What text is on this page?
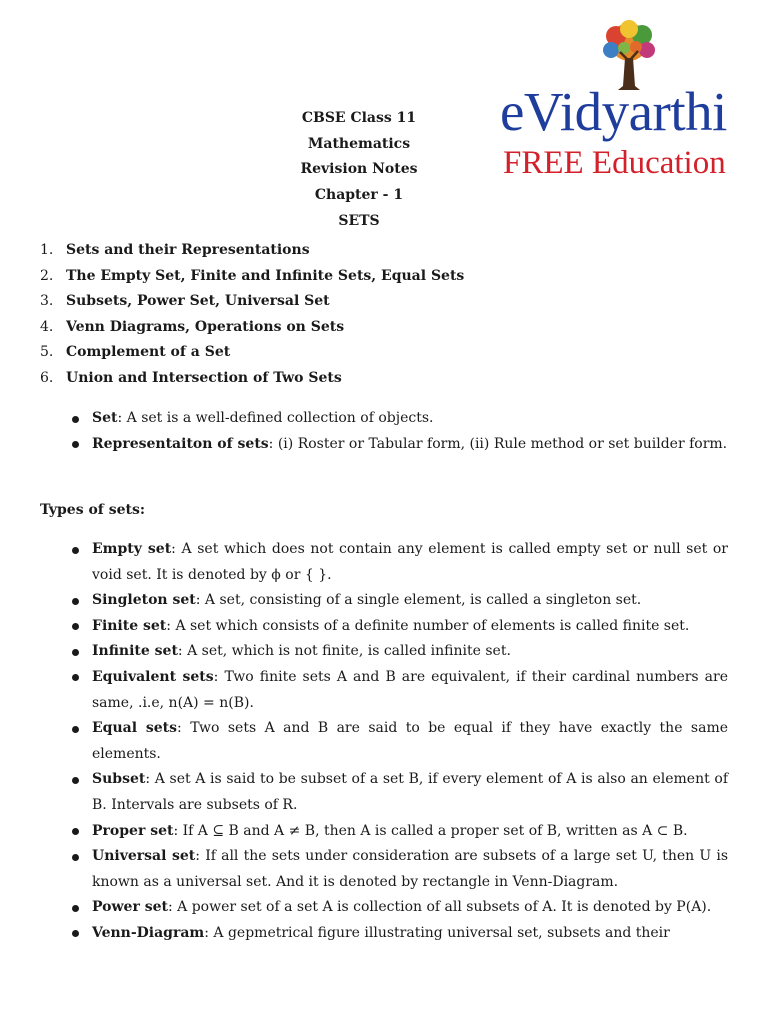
CBSE Class 11 Mathematics
Revision Notes
Chapter - 1
SETS
eVidyarthi
FREE Education
1. Sets and their Representations
2. The Empty Set, Finite and Infinite Sets, Equal Sets
3. Subsets, Power Set, Universal Set
4. Venn Diagrams, Operations on Sets
5. Complement of a Set
6. Union and Intersection of Two Sets
Set: A set is a well-defined collection of objects.
Representaiton of sets: (i) Roster or Tabular form, (ii) Rule method or set builder form.
Types of sets:
Empty set: A set which does not contain any element is called empty set or null set or void set. It is denoted by ϕ or { }.
Singleton set: A set, consisting of a single element, is called a singleton set.
Finite set: A set which consists of a definite number of elements is called finite set.
Infinite set: A set, which is not finite, is called infinite set.
Equivalent sets: Two finite sets A and B are equivalent, if their cardinal numbers are same, .i.e, n(A) = n(B).
Equal sets: Two sets A and B are said to be equal if they have exactly the same elements.
Subset: A set A is said to be subset of a set B, if every element of A is also an element of B. Intervals are subsets of R.
Proper set: If A ⊆ B and A ≠ B, then A is called a proper set of B, written as A ⊂ B.
Universal set: If all the sets under consideration are subsets of a large set U, then U is known as a universal set. And it is denoted by rectangle in Venn-Diagram.
Power set: A power set of a set A is collection of all subsets of A. It is denoted by P(A).
Venn-Diagram: A gepmetrical figure illustrating universal set, subsets and their
